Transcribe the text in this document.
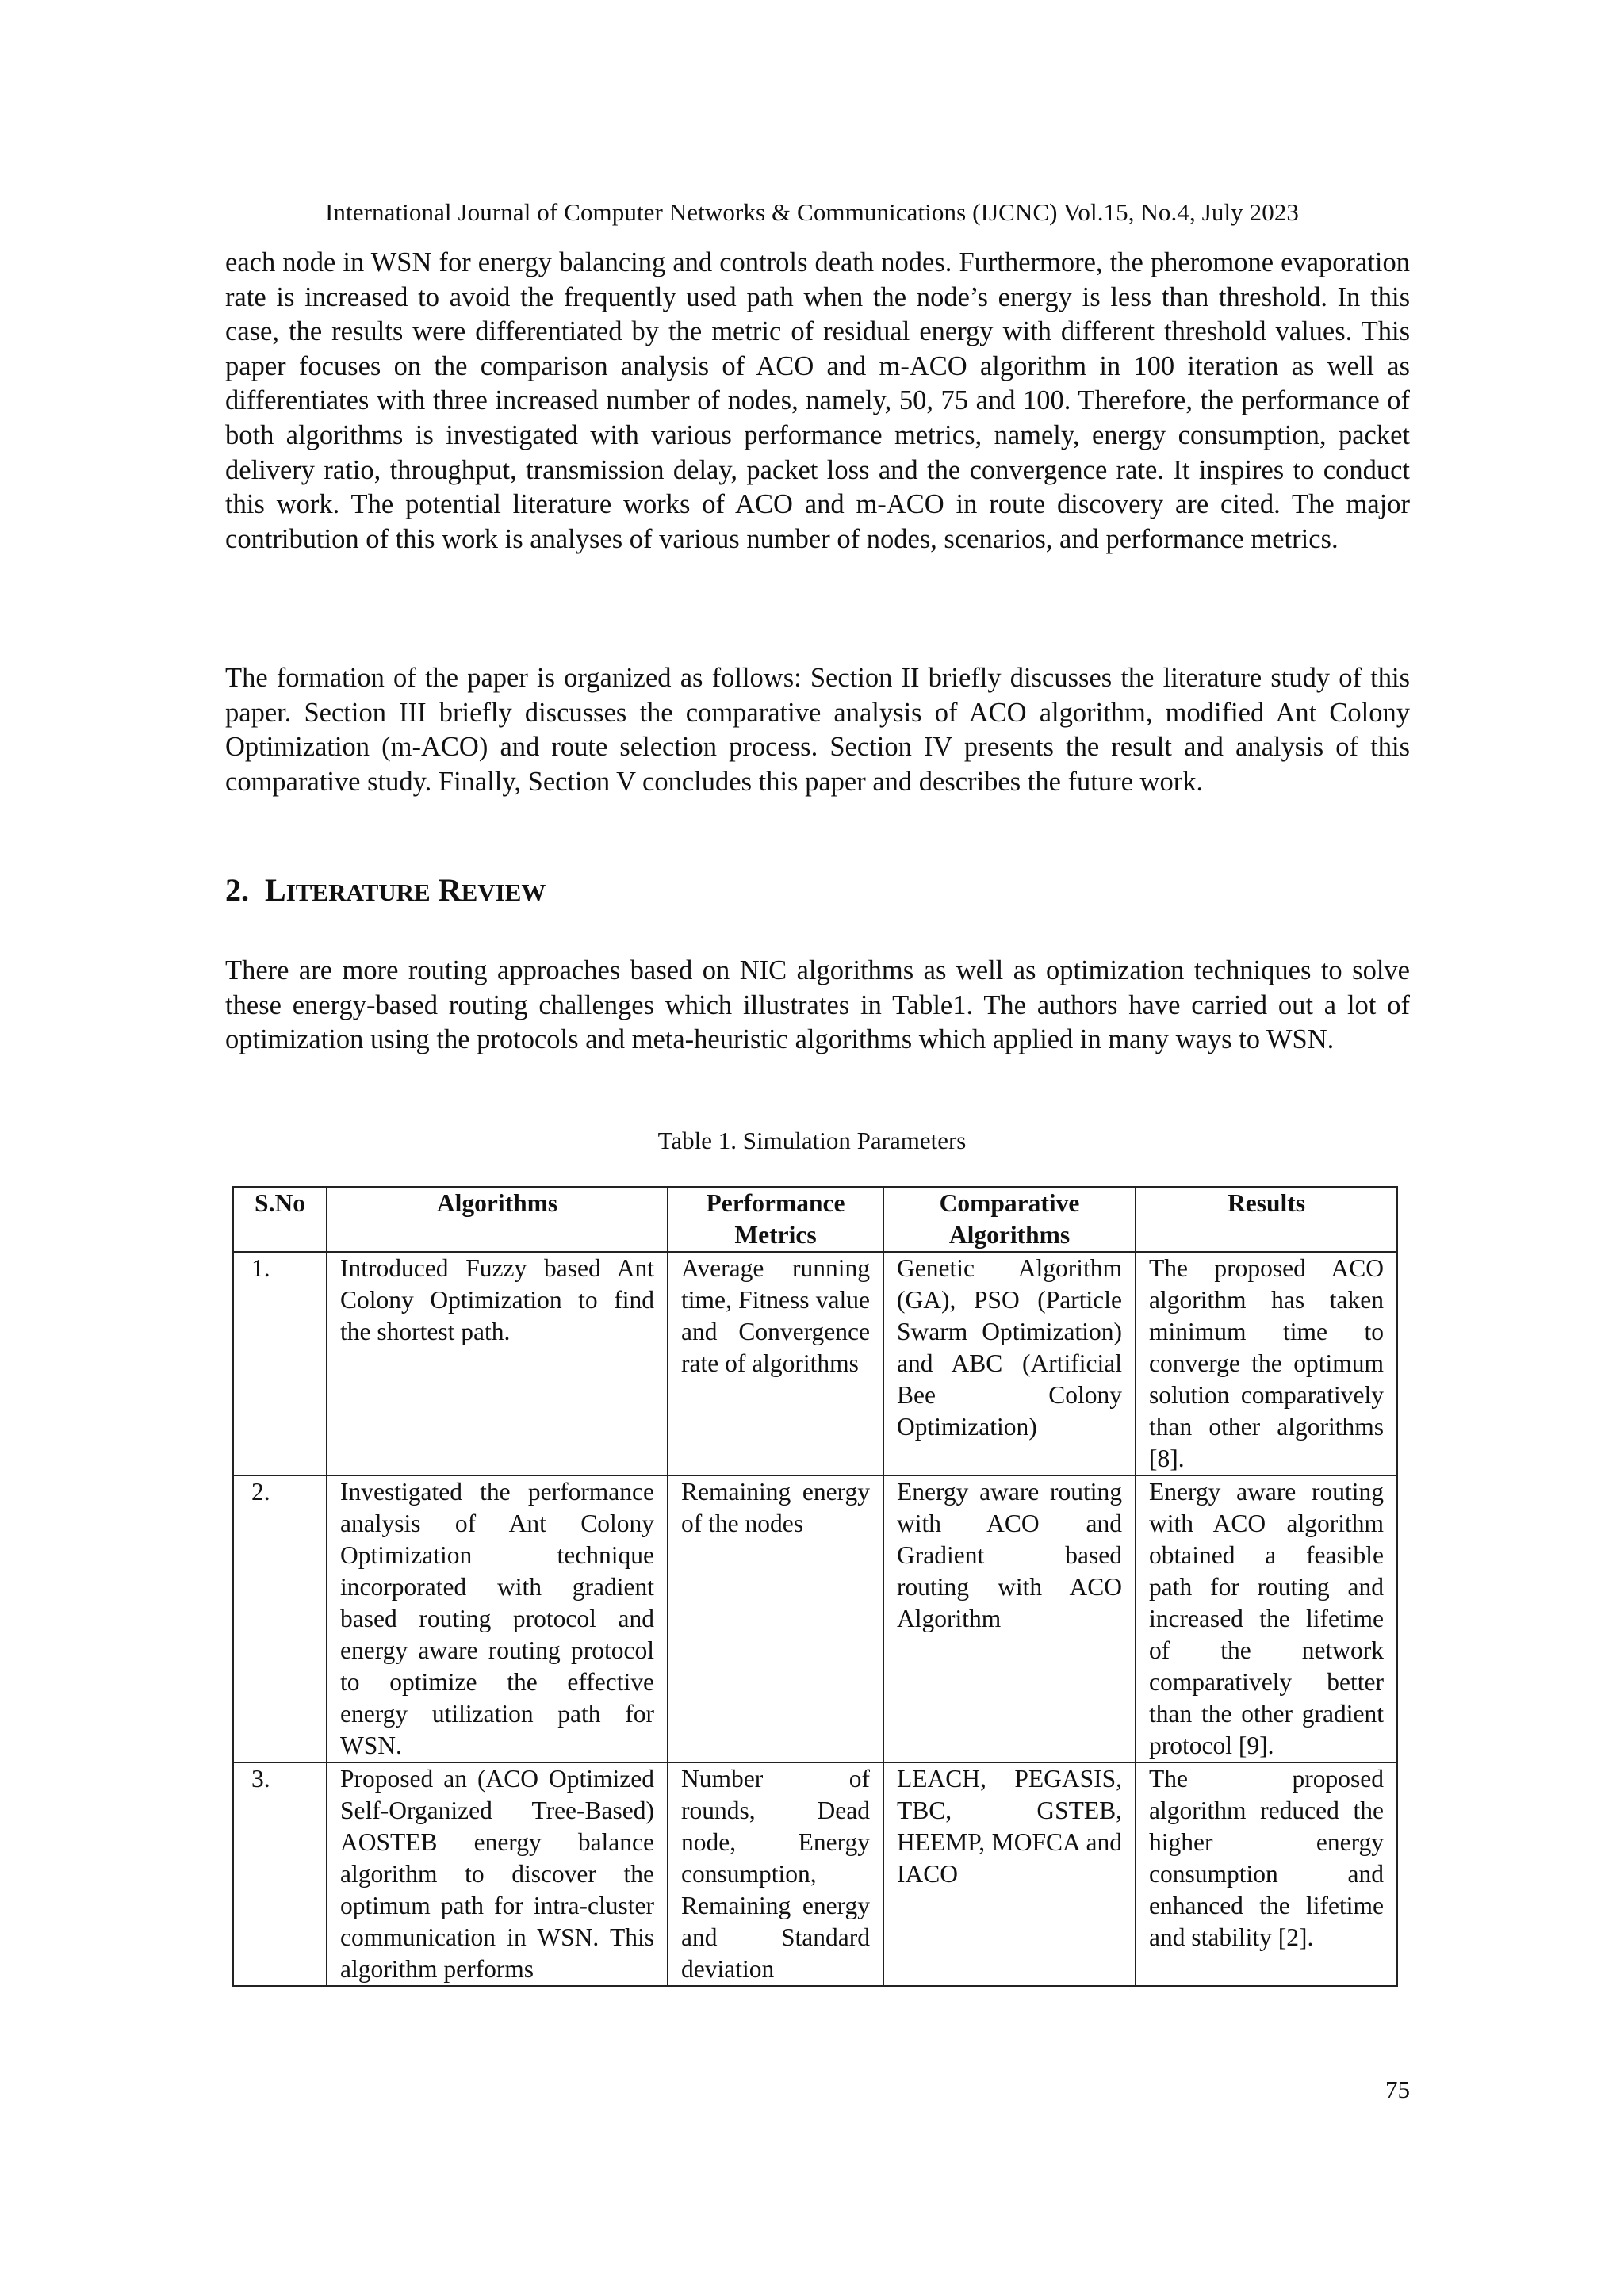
International Journal of Computer Networks & Communications (IJCNC) Vol.15, No.4, July 2023

each node in WSN for energy balancing and controls death nodes. Furthermore, the pheromone evaporation rate is increased to avoid the frequently used path when the node’s energy is less than threshold. In this case, the results were differentiated by the metric of residual energy with different threshold values. This paper focuses on the comparison analysis of ACO and m-ACO algorithm in 100 iteration as well as differentiates with three increased number of nodes, namely, 50, 75 and 100. Therefore, the performance of both algorithms is investigated with various performance metrics, namely, energy consumption, packet delivery ratio, throughput, transmission delay, packet loss and the convergence rate. It inspires to conduct this work. The potential literature works of ACO and m-ACO in route discovery are cited. The major contribution of this work is analyses of various number of nodes, scenarios, and performance metrics.

The formation of the paper is organized as follows: Section II briefly discusses the literature study of this paper. Section III briefly discusses the comparative analysis of ACO algorithm, modified Ant Colony Optimization (m-ACO) and route selection process. Section IV presents the result and analysis of this comparative study. Finally, Section V concludes this paper and describes the future work.

2. LITERATURE REVIEW

There are more routing approaches based on NIC algorithms as well as optimization techniques to solve these energy-based routing challenges which illustrates in Table1. The authors have carried out a lot of optimization using the protocols and meta-heuristic algorithms which applied in many ways to WSN.

Table 1. Simulation Parameters
S.No	Algorithms	Performance Metrics	Comparative Algorithms	Results
1.	Introduced Fuzzy based Ant Colony Optimization to find the shortest path.	Average running time, Fitness value and Convergence rate of algorithms	Genetic Algorithm (GA), PSO (Particle Swarm Optimization) and ABC (Artificial Bee Colony Optimization)	The proposed ACO algorithm has taken minimum time to converge the optimum solution comparatively than other algorithms [8].
2.	Investigated the performance analysis of Ant Colony Optimization technique incorporated with gradient based routing protocol and energy aware routing protocol to optimize the effective energy utilization path for WSN.	Remaining energy of the nodes	Energy aware routing with ACO and Gradient based routing with ACO Algorithm	Energy aware routing with ACO algorithm obtained a feasible path for routing and increased the lifetime of the network comparatively better than the other gradient protocol [9].
3.	Proposed an (ACO Optimized Self-Organized Tree-Based) AOSTEB energy balance algorithm to discover the optimum path for intra-cluster communication in WSN. This algorithm performs	Number of rounds, Dead node, Energy consumption, Remaining energy and Standard deviation	LEACH, PEGASIS, TBC, GSTEB, HEEMP, MOFCA and IACO	The proposed algorithm reduced the higher energy consumption and enhanced the lifetime and stability [2].
75
